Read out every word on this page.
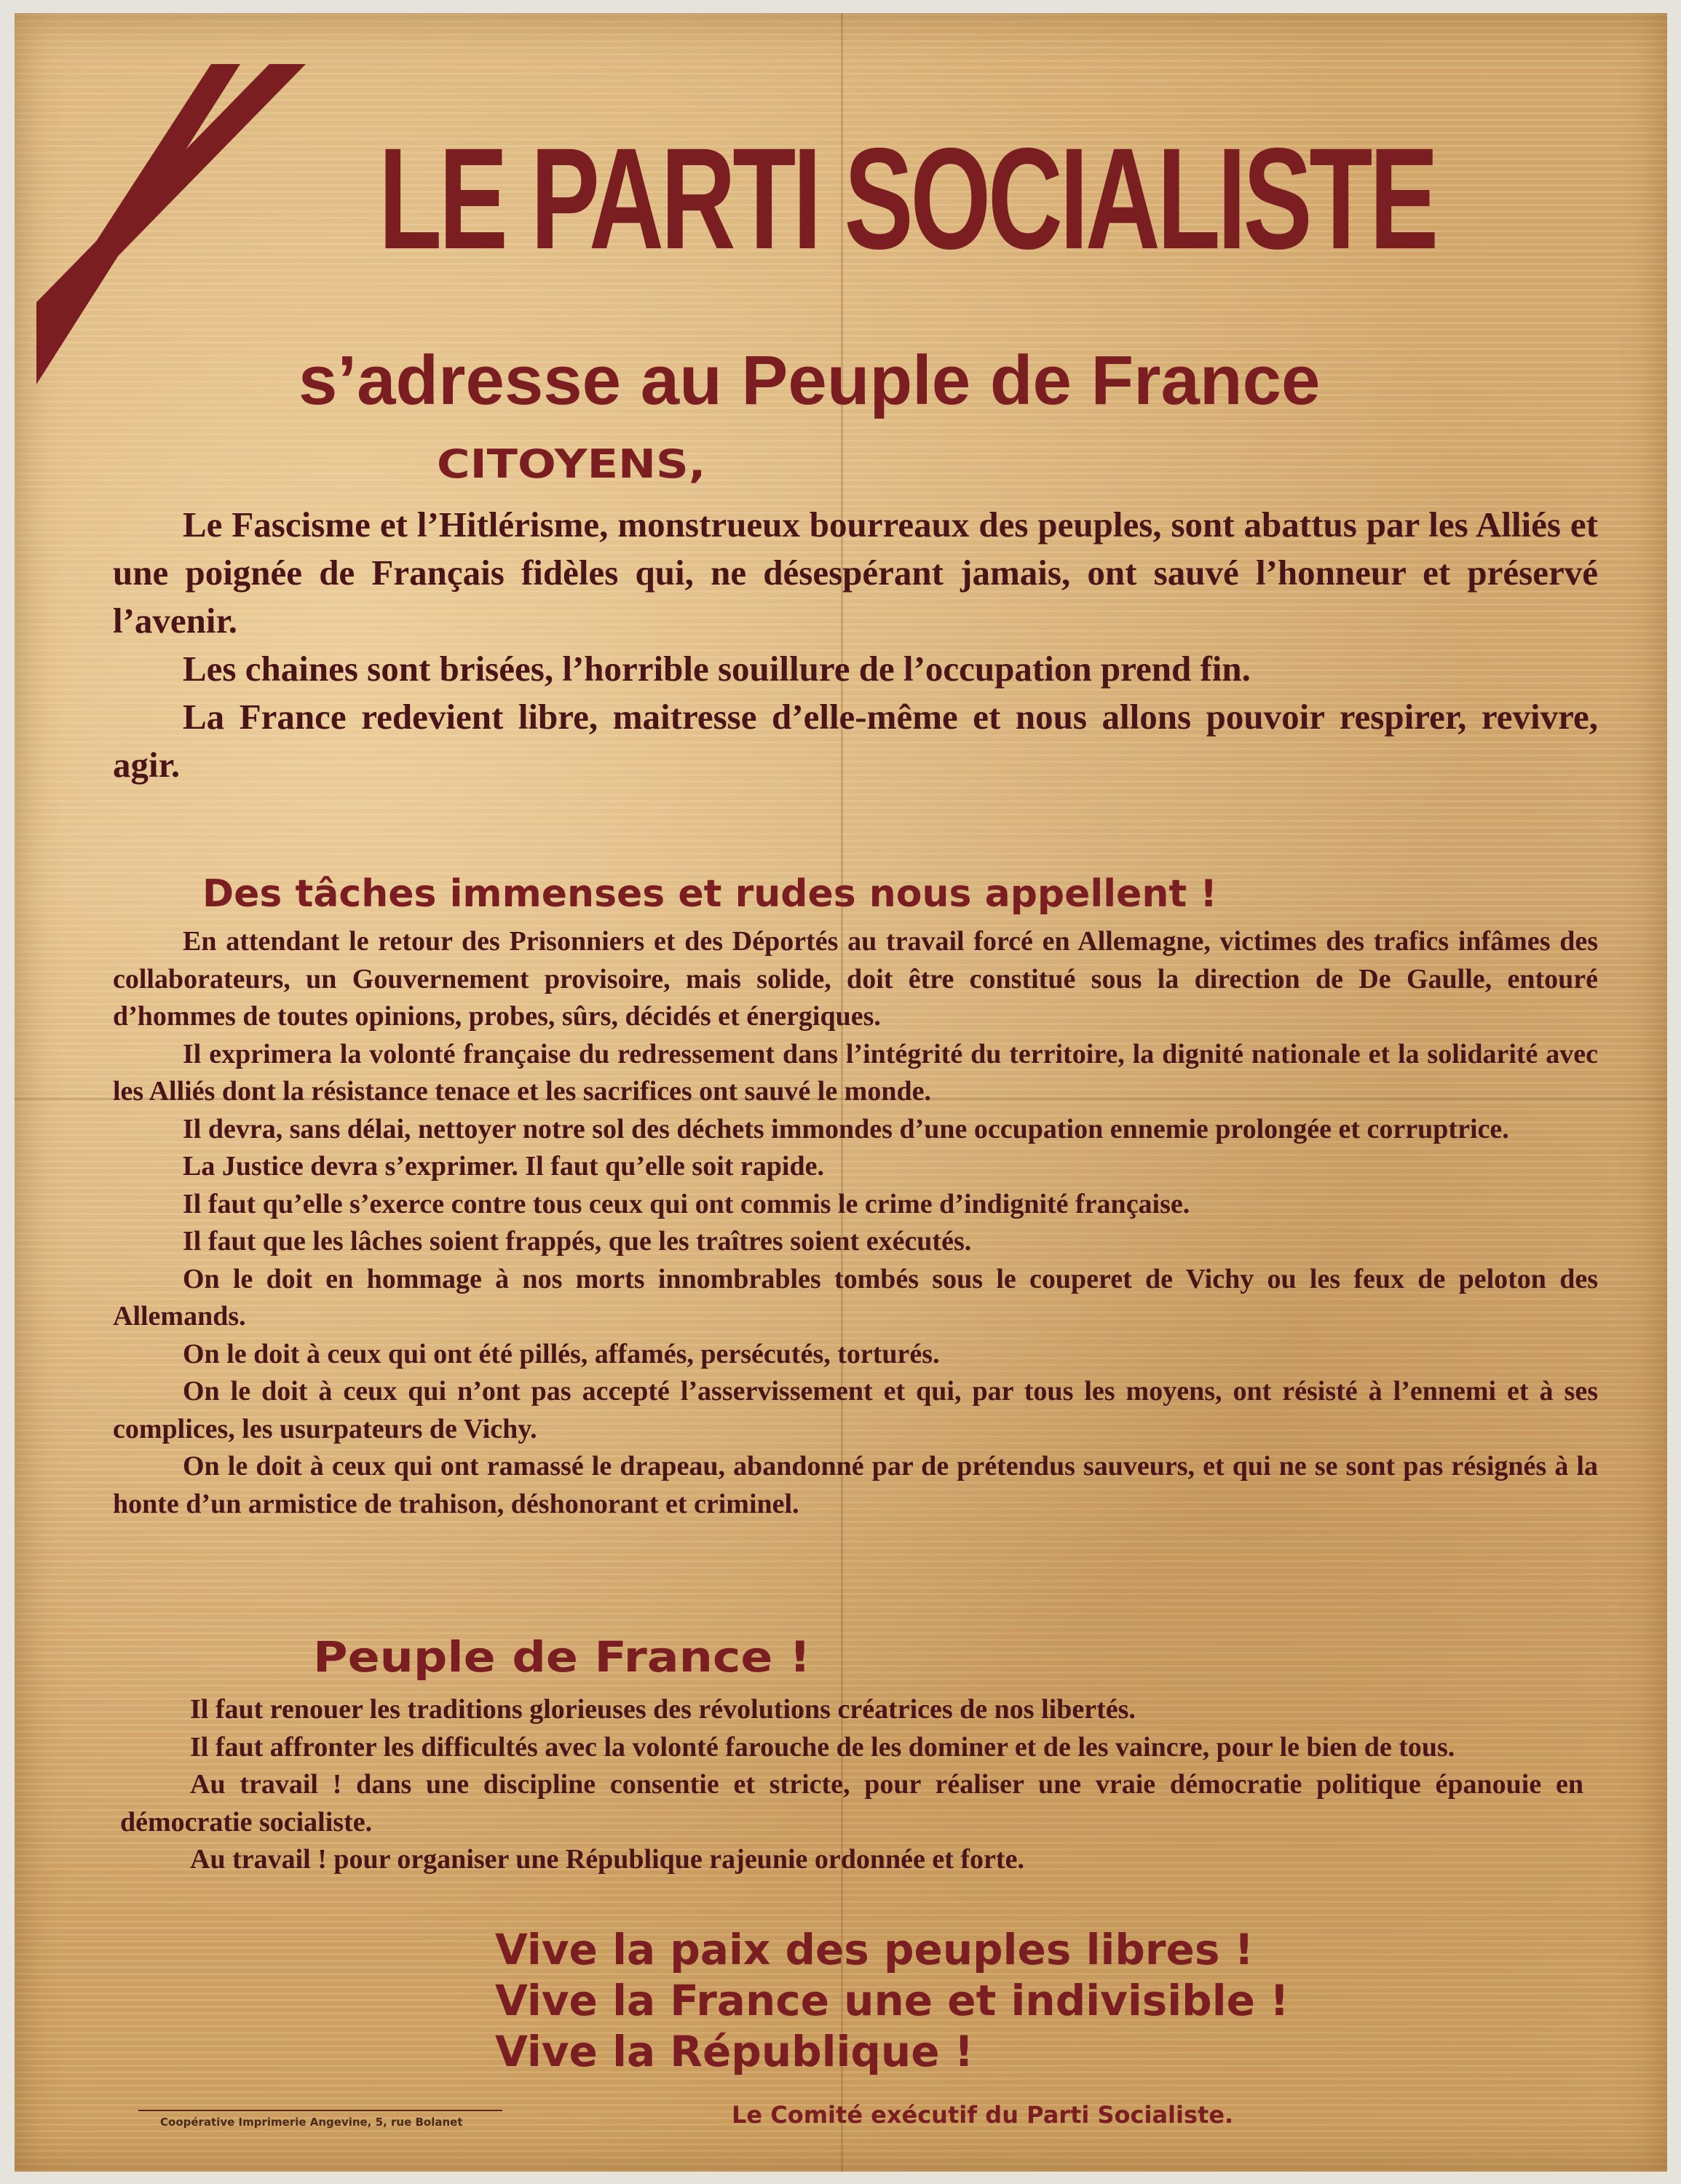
LE PARTI SOCIALISTE
s’adresse au Peuple de France
CITOYENS,

Le Fascisme et l’Hitlérisme, monstrueux bourreaux des peuples, sont abattus par les Alliés et une poignée de Français fidèles qui, ne désespérant jamais, ont sauvé l’honneur et préservé l’avenir.

Les chaines sont brisées, l’horrible souillure de l’occupation prend fin.

La France redevient libre, maitresse d’elle-même et nous allons pouvoir respirer, revivre, agir.

Des tâches immenses et rudes nous appellent !

En attendant le retour des Prisonniers et des Déportés au travail forcé en Allemagne, victimes des trafics infâmes des collaborateurs, un Gouvernement provisoire, mais solide, doit être constitué sous la direction de De Gaulle, entouré d’hommes de toutes opinions, probes, sûrs, décidés et énergiques.

Il exprimera la volonté française du redressement dans l’intégrité du territoire, la dignité nationale et la solidarité avec les Alliés dont la résistance tenace et les sacrifices ont sauvé le monde.

Il devra, sans délai, nettoyer notre sol des déchets immondes d’une occupation ennemie prolongée et corruptrice.

La Justice devra s’exprimer. Il faut qu’elle soit rapide.

Il faut qu’elle s’exerce contre tous ceux qui ont commis le crime d’indignité française.

Il faut que les lâches soient frappés, que les traîtres soient exécutés.

On le doit en hommage à nos morts innombrables tombés sous le couperet de Vichy ou les feux de peloton des Allemands.

On le doit à ceux qui ont été pillés, affamés, persécutés, torturés.

On le doit à ceux qui n’ont pas accepté l’asservissement et qui, par tous les moyens, ont résisté à l’ennemi et à ses complices, les usurpateurs de Vichy.

On le doit à ceux qui ont ramassé le drapeau, abandonné par de prétendus sauveurs, et qui ne se sont pas résignés à la honte d’un armistice de trahison, déshonorant et criminel.

Peuple de France !

Il faut renouer les traditions glorieuses des révolutions créatrices de nos libertés.

Il faut affronter les difficultés avec la volonté farouche de les dominer et de les vaincre, pour le bien de tous.

Au travail ! dans une discipline consentie et stricte, pour réaliser une vraie démocratie politique épanouie en démocratie socialiste.

Au travail ! pour organiser une République rajeunie ordonnée et forte.

Vive la paix des peuples libres !
Vive la France une et indivisible !
Vive la République !
Coopérative Imprimerie Angevine, 5, rue Bolanet	Le Comité exécutif du Parti Socialiste.
